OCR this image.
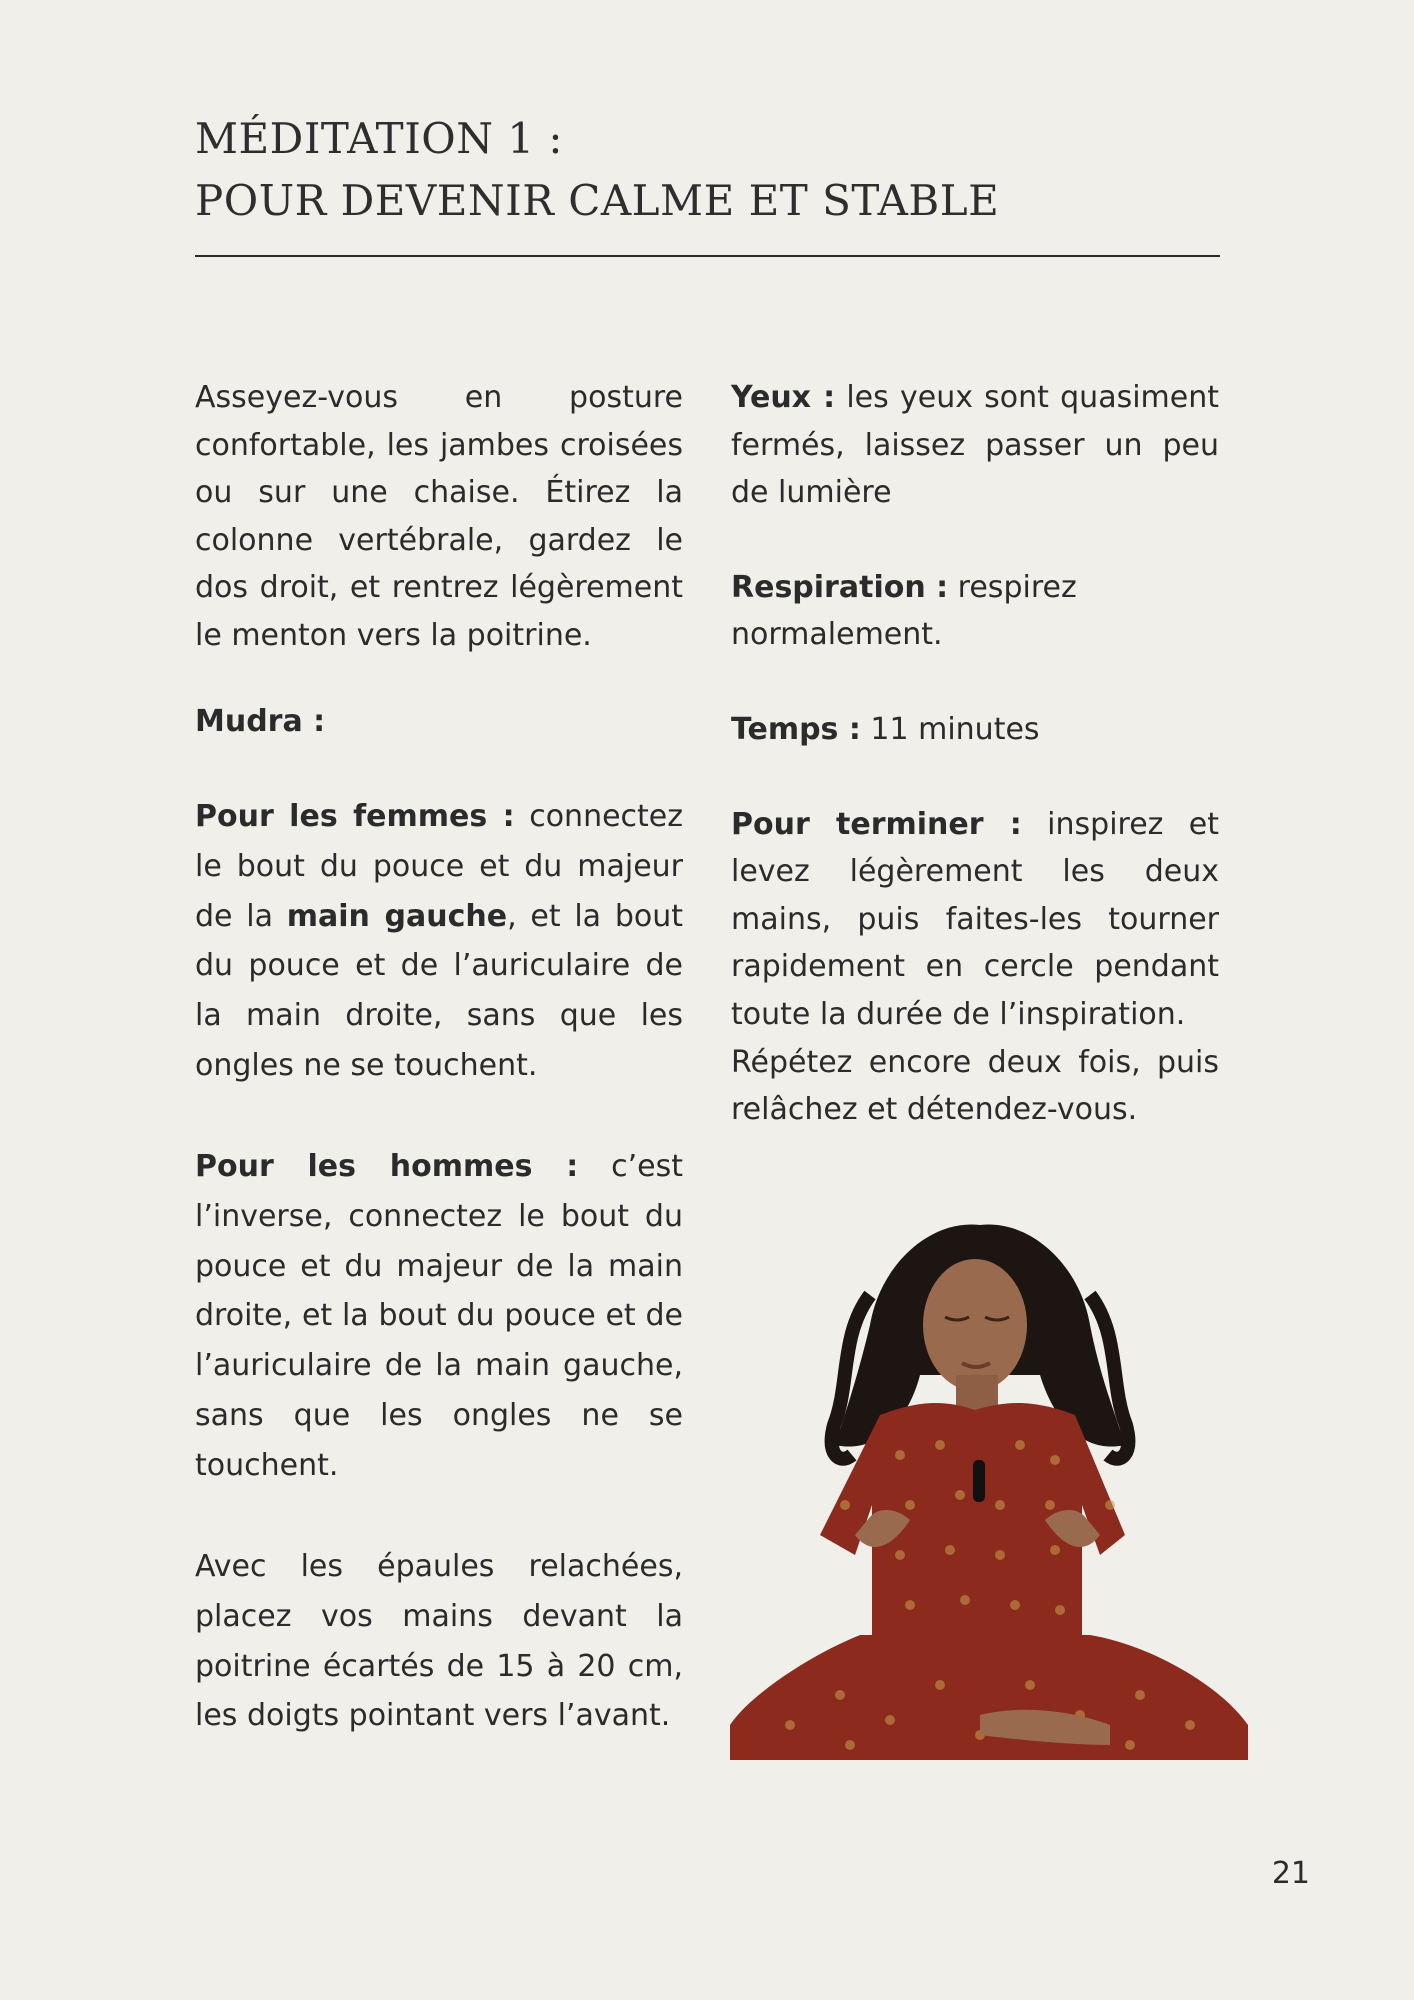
MÉDITATION 1 :
POUR DEVENIR CALME ET STABLE

Asseyez-vous en posture confortable, les jambes croisées ou sur une chaise. Étirez la colonne vertébrale, gardez le dos droit, et rentrez légèrement le menton vers la poitrine.

Mudra :

Pour les femmes : connectez le bout du pouce et du majeur de la main gauche, et la bout du pouce et de l’auriculaire de la main droite, sans que les ongles ne se touchent.

Pour les hommes : c’est l’inverse, connectez le bout du pouce et du majeur de la main droite, et la bout du pouce et de l’auriculaire de la main gauche, sans que les ongles ne se touchent.

Avec les épaules relachées, placez vos mains devant la poitrine écartés de 15 à 20 cm, les doigts pointant vers l’avant.

Yeux : les yeux sont quasiment fermés, laissez passer un peu de lumière

Respiration : respirez normalement.

Temps : 11 minutes

Pour terminer : inspirez et levez légèrement les deux mains, puis faites-les tourner rapidement en cercle pendant toute la durée de l’inspiration.

Répétez encore deux fois, puis relâchez et détendez-vous.

21
